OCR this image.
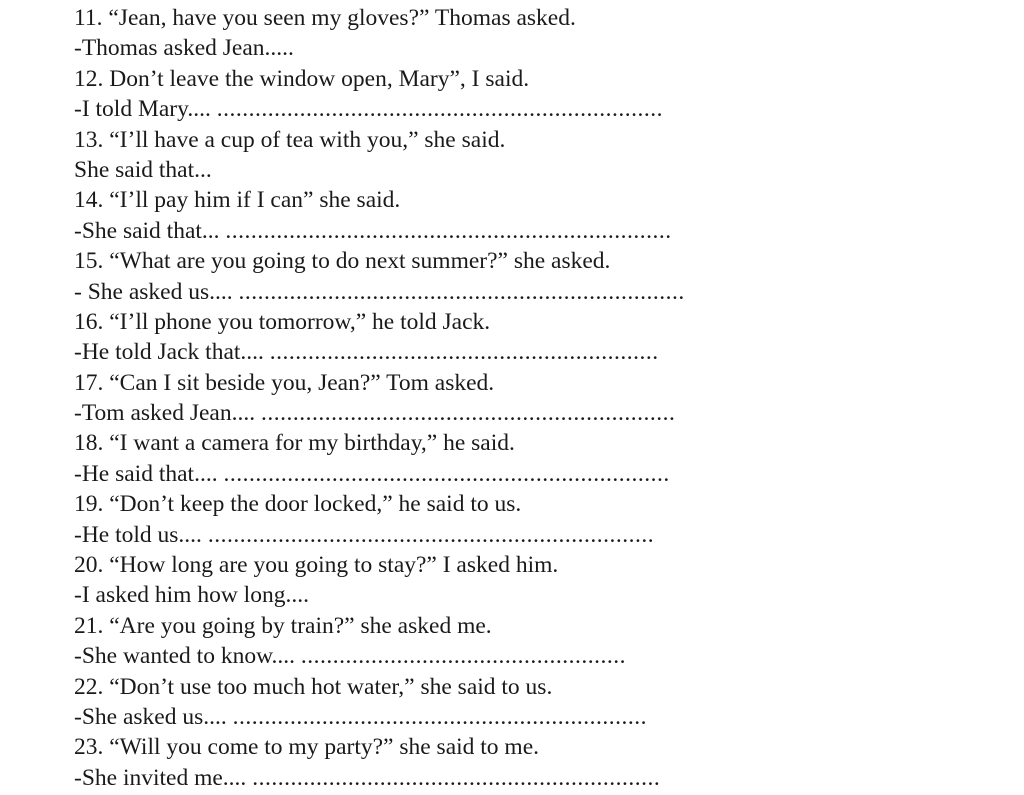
11. “Jean, have you seen my gloves?” Thomas asked.
-Thomas asked Jean.....
12. Don’t leave the window open, Mary”, I said.
-I told Mary.... ......................................................................
13. “I’ll have a cup of tea with you,” she said.
She said that...
14. “I’ll pay him if I can” she said.
-She said that... ......................................................................
15. “What are you going to do next summer?” she asked.
- She asked us.... ......................................................................
16. “I’ll phone you tomorrow,” he told Jack.
-He told Jack that.... .............................................................
17. “Can I sit beside you, Jean?” Tom asked.
-Tom asked Jean.... .................................................................
18. “I want a camera for my birthday,” he said.
-He said that.... ......................................................................
19. “Don’t keep the door locked,” he said to us.
-He told us.... ......................................................................
20. “How long are you going to stay?” I asked him.
-I asked him how long....
21. “Are you going by train?” she asked me.
-She wanted to know.... ...................................................
22. “Don’t use too much hot water,” she said to us.
-She asked us.... .................................................................
23. “Will you come to my party?” she said to me.
-She invited me.... ................................................................
